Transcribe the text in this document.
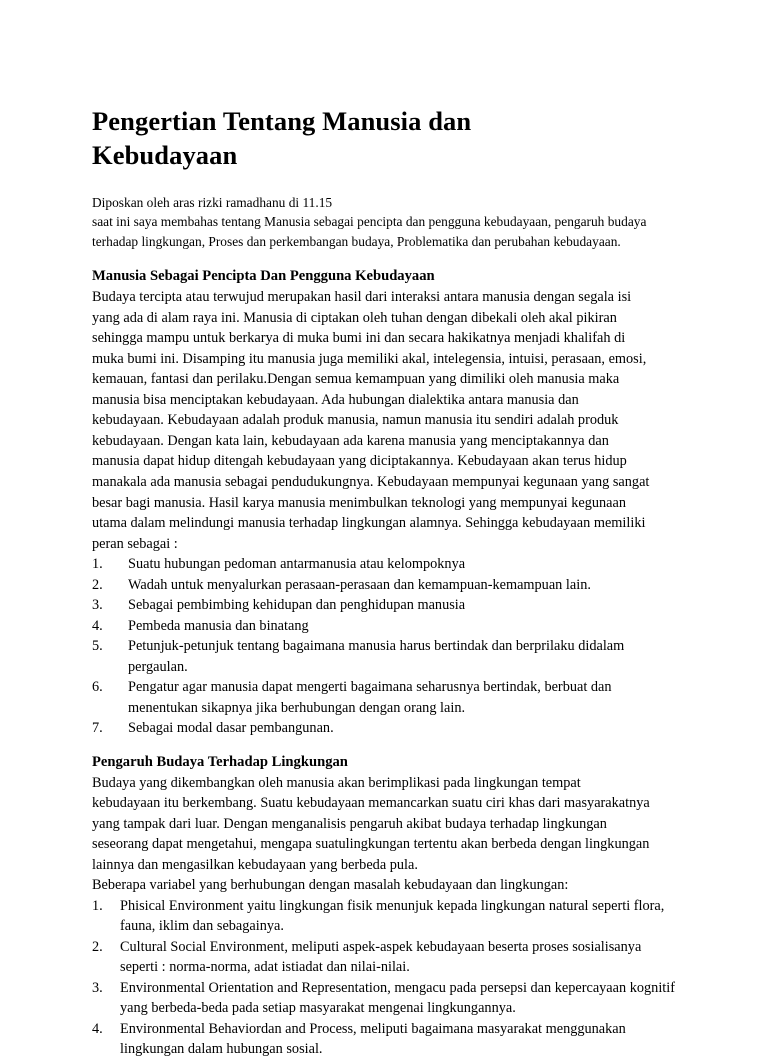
Pengertian Tentang Manusia dan Kebudayaan
Diposkan oleh aras rizki ramadhanu di 11.15
saat ini saya membahas tentang Manusia sebagai pencipta dan pengguna kebudayaan, pengaruh budaya terhadap lingkungan, Proses dan perkembangan budaya, Problematika dan perubahan kebudayaan.
Manusia Sebagai Pencipta Dan Pengguna Kebudayaan

Budaya tercipta atau terwujud merupakan hasil dari interaksi antara manusia dengan segala isi yang ada di alam raya ini. Manusia di ciptakan oleh tuhan dengan dibekali oleh akal pikiran sehingga mampu untuk berkarya di muka bumi ini dan secara hakikatnya menjadi khalifah di muka bumi ini. Disamping itu manusia juga memiliki akal, intelegensia, intuisi, perasaan, emosi, kemauan, fantasi dan perilaku.Dengan semua kemampuan yang dimiliki oleh manusia maka manusia bisa menciptakan kebudayaan. Ada hubungan dialektika antara manusia dan kebudayaan. Kebudayaan adalah produk manusia, namun manusia itu sendiri adalah produk kebudayaan. Dengan kata lain, kebudayaan ada karena manusia yang menciptakannya dan manusia dapat hidup ditengah kebudayaan yang diciptakannya. Kebudayaan akan terus hidup manakala ada manusia sebagai pendudukungnya. Kebudayaan mempunyai kegunaan yang sangat besar bagi manusia. Hasil karya manusia menimbulkan teknologi yang mempunyai kegunaan utama dalam melindungi manusia terhadap lingkungan alamnya. Sehingga kebudayaan memiliki peran sebagai :

1. Suatu hubungan pedoman antarmanusia atau kelompoknya
2. Wadah untuk menyalurkan perasaan-perasaan dan kemampuan-kemampuan lain.
3. Sebagai pembimbing kehidupan dan penghidupan manusia
4. Pembeda manusia dan binatang
5. Petunjuk-petunjuk tentang bagaimana manusia harus bertindak dan berprilaku didalam pergaulan.
6. Pengatur agar manusia dapat mengerti bagaimana seharusnya bertindak, berbuat dan menentukan sikapnya jika berhubungan dengan orang lain.
7. Sebagai modal dasar pembangunan.
Pengaruh Budaya Terhadap Lingkungan

Budaya yang dikembangkan oleh manusia akan berimplikasi pada lingkungan tempat kebudayaan itu berkembang. Suatu kebudayaan memancarkan suatu ciri khas dari masyarakatnya yang tampak dari luar. Dengan menganalisis pengaruh akibat budaya terhadap lingkungan seseorang dapat mengetahui, mengapa suatulingkungan tertentu akan berbeda dengan lingkungan lainnya dan mengasilkan kebudayaan yang berbeda pula.

Beberapa variabel yang berhubungan dengan masalah kebudayaan dan lingkungan:

1. Phisical Environment yaitu lingkungan fisik menunjuk kepada lingkungan natural seperti flora, fauna, iklim dan sebagainya.
2. Cultural Social Environment, meliputi aspek-aspek kebudayaan beserta proses sosialisanya seperti : norma-norma, adat istiadat dan nilai-nilai.
3. Environmental Orientation and Representation, mengacu pada persepsi dan kepercayaan kognitif yang berbeda-beda pada setiap masyarakat mengenai lingkungannya.
4. Environmental Behaviordan and Process, meliputi bagaimana masyarakat menggunakan lingkungan dalam hubungan sosial.
